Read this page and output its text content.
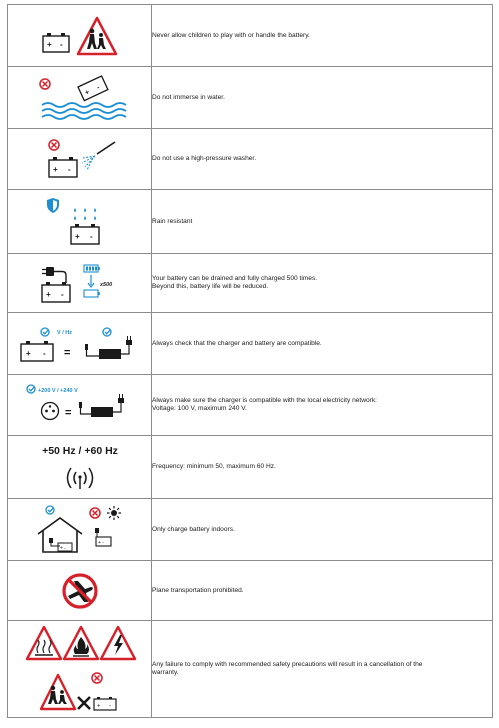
+ -	Never allow children to play with or handle the battery.

+
-	Do not immerse in water.

+ -	Do not use a high-pressure washer.

+ -	Rain resistant

+ -
x500	Your battery can be drained and fully charged 500 times.
Beyond this, battery life will be reduced.

V / Hz
+ - =	Always check that the charger and battery are compatible.

+200 V / +240 V
=	Always make sure the charger is compatible with the local electricity network:
Voltage: 100 V, maximum 240 V.

+50 Hz / +60 Hz	Frequency: minimum 50, maximum 60 Hz.

+ -
+ -	Only charge battery indoors.

Plane transportation prohibited.

+ -	Any failure to comply with recommended safety precautions will result in a cancellation of the
warranty.
